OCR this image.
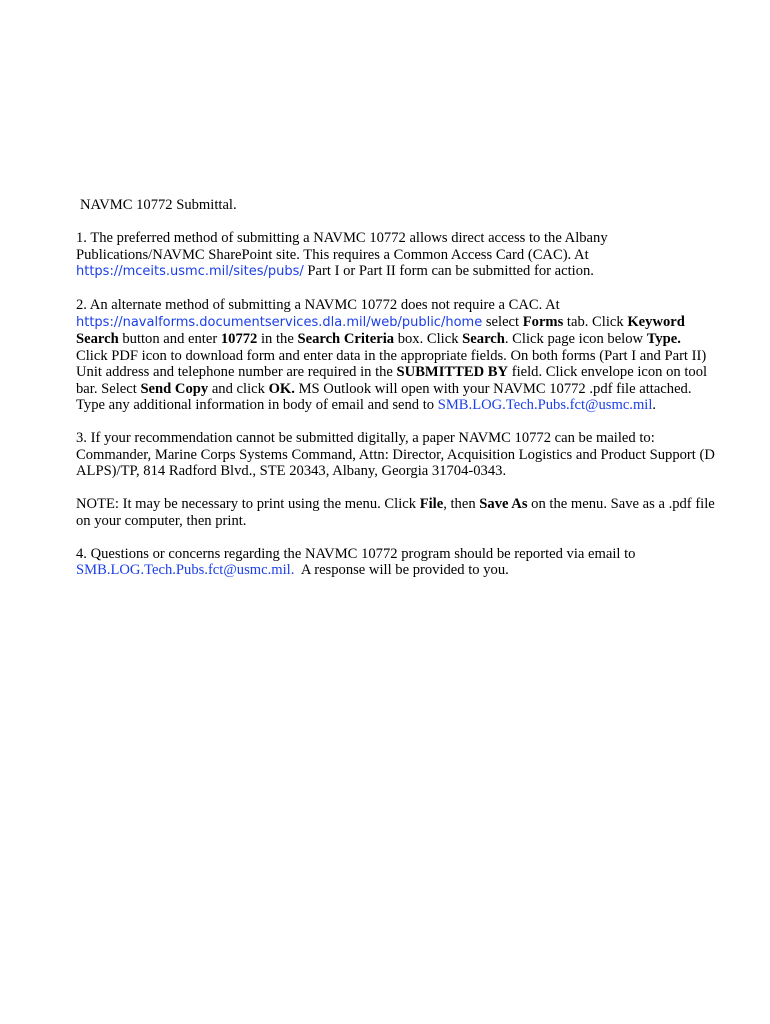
NAVMC 10772 Submittal.

1. The preferred method of submitting a NAVMC 10772 allows direct access to the Albany Publications/NAVMC SharePoint site. This requires a Common Access Card (CAC). At https://mceits.usmc.mil/sites/pubs/ Part I or Part II form can be submitted for action.

2. An alternate method of submitting a NAVMC 10772 does not require a CAC. At https://navalforms.documentservices.dla.mil/web/public/home select Forms tab. Click Keyword Search button and enter 10772 in the Search Criteria box. Click Search. Click page icon below Type. Click PDF icon to download form and enter data in the appropriate fields. On both forms (Part I and Part II) Unit address and telephone number are required in the SUBMITTED BY field. Click envelope icon on tool bar. Select Send Copy and click OK. MS Outlook will open with your NAVMC 10772 .pdf file attached. Type any additional information in body of email and send to SMB.LOG.Tech.Pubs.fct@usmc.mil.

3. If your recommendation cannot be submitted digitally, a paper NAVMC 10772 can be mailed to: Commander, Marine Corps Systems Command, Attn: Director, Acquisition Logistics and Product Support (D ALPS)/TP, 814 Radford Blvd., STE 20343, Albany, Georgia 31704-0343.

NOTE: It may be necessary to print using the menu. Click File, then Save As on the menu. Save as a .pdf file on your computer, then print.

4. Questions or concerns regarding the NAVMC 10772 program should be reported via email to SMB.LOG.Tech.Pubs.fct@usmc.mil.  A response will be provided to you.
